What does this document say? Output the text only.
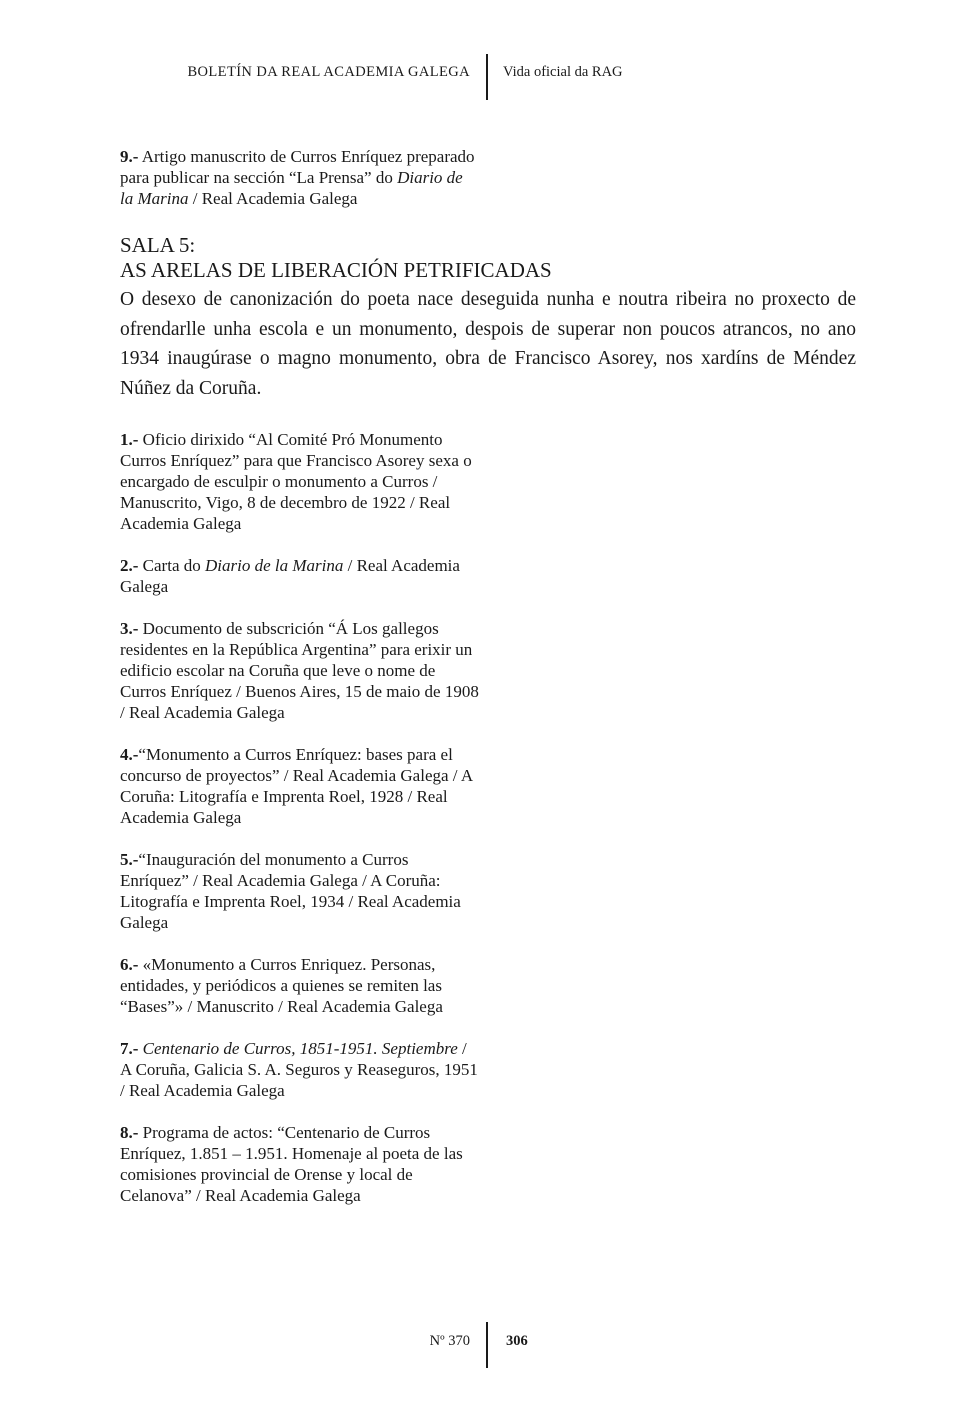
BOLETÍN DA REAL ACADEMIA GALEGA Vida oficial da RAG

9.- Artigo manuscrito de Curros Enríquez preparado para publicar na sección “La Prensa” do Diario de la Marina / Real Academia Galega

SALA 5:
AS ARELAS DE LIBERACIÓN PETRIFICADAS

O desexo de canonización do poeta nace deseguida nunha e noutra ribeira no proxecto de ofrendarlle unha escola e un monumento, despois de superar non poucos atrancos, no ano 1934 inaugúrase o magno monumento, obra de Francisco Asorey, nos xardíns de Méndez Núñez da Coruña.

1.- Oficio dirixido “Al Comité Pró Monumento Curros Enríquez” para que Francisco Asorey sexa o encargado de esculpir o monumento a Curros / Manuscrito, Vigo, 8 de decembro de 1922 / Real Academia Galega

2.- Carta do Diario de la Marina / Real Academia Galega

3.- Documento de subscrición “Á Los gallegos residentes en la República Argentina” para erixir un edificio escolar na Coruña que leve o nome de Curros Enríquez / Buenos Aires, 15 de maio de 1908 / Real Academia Galega

4.-“Monumento a Curros Enríquez: bases para el concurso de proyectos” / Real Academia Galega / A Coruña: Litografía e Imprenta Roel, 1928 / Real Academia Galega

5.-“Inauguración del monumento a Curros Enríquez” / Real Academia Galega / A Coruña: Litografía e Imprenta Roel, 1934 / Real Academia Galega

6.- «Monumento a Curros Enriquez. Personas, entidades, y periódicos a quienes se remiten las “Bases”» / Manuscrito / Real Academia Galega

7.- Centenario de Curros, 1851-1951. Septiembre / A Coruña, Galicia S. A. Seguros y Reaseguros, 1951 / Real Academia Galega

8.- Programa de actos: “Centenario de Curros Enríquez, 1.851 – 1.951. Homenaje al poeta de las comisiones provincial de Orense y local de Celanova” / Real Academia Galega

Nº 370 306
